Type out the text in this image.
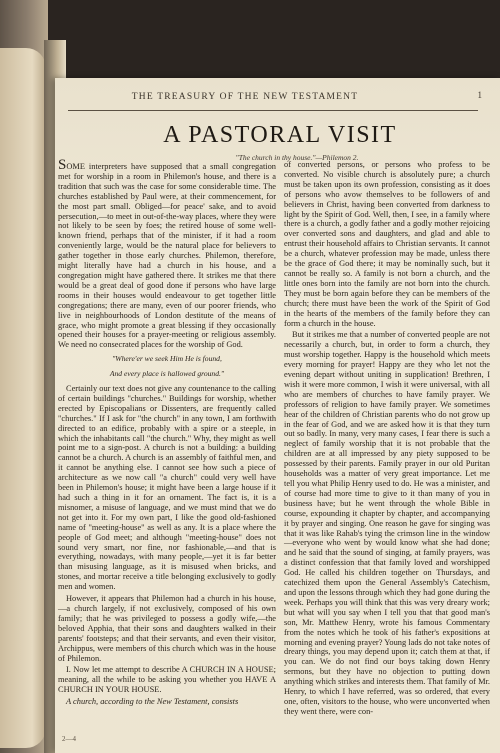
THE TREASURY OF THE NEW TESTAMENT	1
A PASTORAL VISIT
"The church in thy house."—Philemon 2.

SOME interpreters have supposed that a small congregation met for worship in a room in Philemon's house, and there is a tradition that such was the case for some considerable time. The churches established by Paul were, at their commencement, for the most part small. Obliged—for peace' sake, and to avoid persecution,—to meet in out-of-the-way places, where they were not likely to be seen by foes; the retired house of some well-known friend, perhaps that of the minister, if it had a room conveniently large, would be the natural place for believers to gather together in those early churches. Philemon, therefore, might literally have had a church in his house, and a congregation might have gathered there. It strikes me that there would be a great deal of good done if persons who have large rooms in their houses would endeavour to get together little congregations; there are many, even of our poorer friends, who live in neighbourhoods of London destitute of the means of grace, who might promote a great blessing if they occasionally opened their houses for a prayer-meeting or religious assembly. We need no consecrated places for the worship of God.

"Where'er we seek Him He is found,

And every place is hallowed ground."

Certainly our text does not give any countenance to the calling of certain buildings "churches." Buildings for worship, whether erected by Episcopalians or Dissenters, are frequently called "churches." If I ask for "the church" in any town, I am forthwith directed to an edifice, probably with a spire or a steeple, in which the inhabitants call "the church." Why, they might as well point me to a sign-post. A church is not a building: a building cannot be a church. A church is an assembly of faithful men, and it cannot be anything else. I cannot see how such a piece of architecture as we now call "a church" could very well have been in Philemon's house; it might have been a large house if it had such a thing in it for an ornament. The fact is, it is a misnomer, a misuse of language, and we must mind that we do not get into it. For my own part, I like the good old-fashioned name of "meeting-house" as well as any. It is a place where the people of God meet; and although "meeting-house" does not sound very smart, nor fine, nor fashionable,—and that is everything, nowadays, with many people,—yet it is far better than misusing language, as it is misused when bricks, and stones, and mortar receive a title belonging exclusively to godly men and women.

However, it appears that Philemon had a church in his house,—a church largely, if not exclusively, composed of his own family; that he was privileged to possess a godly wife,—the beloved Apphia, that their sons and daughters walked in their parents' footsteps; and that their servants, and even their visitor, Archippus, were members of this church which was in the house of Philemon.

I. Now let me attempt to describe A CHURCH IN A HOUSE; meaning, all the while to be asking you whether you HAVE A CHURCH IN YOUR HOUSE.

A church, according to the New Testament, consists

of converted persons, or persons who profess to be converted. No visible church is absolutely pure; a church must be taken upon its own profession, consisting as it does of persons who avow themselves to be followers of and believers in Christ, having been converted from darkness to light by the Spirit of God. Well, then, I see, in a family where there is a church, a godly father and a godly mother rejoicing over converted sons and daughters, and glad and able to entrust their household affairs to Christian servants. It cannot be a church, whatever profession may be made, unless there be the grace of God there; it may be nominally such, but it cannot be really so. A family is not born a church, and the little ones born into the family are not born into the church. They must be born again before they can be members of the church; there must have been the work of the Spirit of God in the hearts of the members of the family before they can form a church in the house.

But it strikes me that a number of converted people are not necessarily a church, but, in order to form a church, they must worship together. Happy is the household which meets every morning for prayer! Happy are they who let not the evening depart without uniting in supplication! Brethren, I wish it were more common, I wish it were universal, with all who are members of churches to have family prayer. We professors of religion to have family prayer. We sometimes hear of the children of Christian parents who do not grow up in the fear of God, and we are asked how it is that they turn out so badly. In many, very many cases, I fear there is such a neglect of family worship that it is not probable that the children are at all impressed by any piety supposed to be possessed by their parents. Family prayer in our old Puritan households was a matter of very great importance. Let me tell you what Philip Henry used to do. He was a minister, and of course had more time to give to it than many of you in business have; but he went through the whole Bible in course, expounding it chapter by chapter, and accompanying it by prayer and singing. One reason he gave for singing was that it was like Rahab's tying the crimson line in the window—everyone who went by would know what she had done; and he said that the sound of singing, at family prayers, was a distinct confession that that family loved and worshipped God. He called his children together on Thursdays, and catechized them upon the General Assembly's Catechism, and upon the lessons through which they had gone during the week. Perhaps you will think that this was very dreary work; but what will you say when I tell you that that good man's son, Mr. Matthew Henry, wrote his famous Commentary from the notes which he took of his father's expositions at morning and evening prayer? Young lads do not take notes of dreary things, you may depend upon it; catch them at that, if you can. We do not find our boys taking down Henry sermons, but they have no objection to putting down anything which strikes and interests them. That family of Mr. Henry, to which I have referred, was so ordered, that every one, often, visitors to the house, who were unconverted when they went there, were con-

2—4
